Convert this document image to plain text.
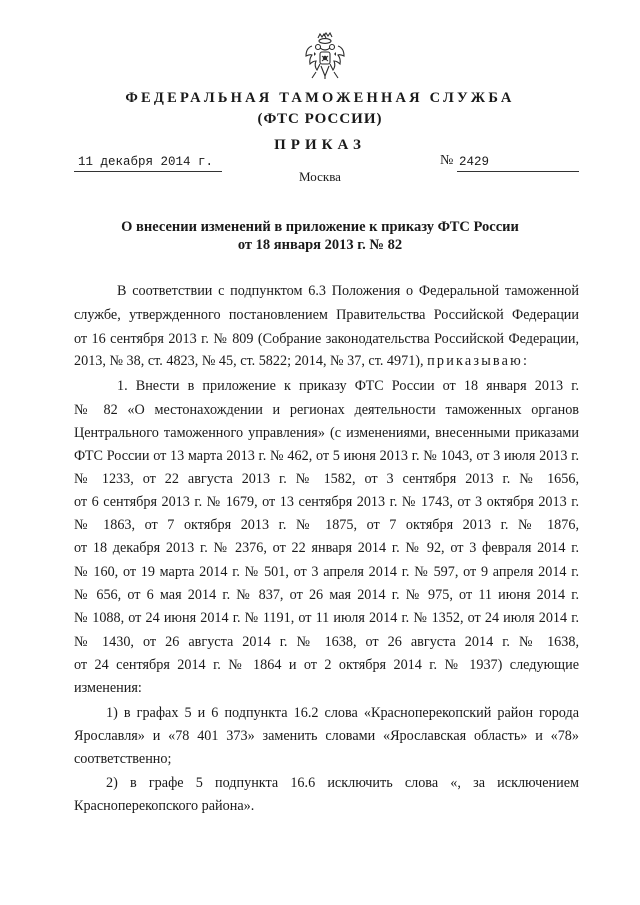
ФЕДЕРАЛЬНАЯ ТАМОЖЕННАЯ СЛУЖБА
(ФТС РОССИИ)
ПРИКАЗ
11 декабря 2014 г.	№ 2429
Москва
О внесении изменений в приложение к приказу ФТС России
от 18 января 2013 г. № 82
В соответствии с подпунктом 6.3 Положения о Федеральной таможенной
службе, утвержденного постановлением Правительства Российской Федерации
от 16 сентября 2013 г. № 809 (Собрание законодательства Российской Федерации,
2013, № 38, ст. 4823, № 45, ст. 5822; 2014, № 37, ст. 4971), приказываю:
1. Внести в приложение к приказу ФТС России от 18 января 2013 г.
№ 82 «О местонахождении и регионах деятельности таможенных органов
Центрального таможенного управления» (с изменениями, внесенными приказами
ФТС России от 13 марта 2013 г. № 462, от 5 июня 2013 г. № 1043, от 3 июля 2013 г.
№ 1233, от 22 августа 2013 г. № 1582, от 3 сентября 2013 г. № 1656,
от 6 сентября 2013 г. № 1679, от 13 сентября 2013 г. № 1743, от 3 октября 2013 г.
№ 1863, от 7 октября 2013 г. № 1875, от 7 октября 2013 г. № 1876,
от 18 декабря 2013 г. № 2376, от 22 января 2014 г. № 92, от 3 февраля 2014 г.
№ 160, от 19 марта 2014 г. № 501, от 3 апреля 2014 г. № 597, от 9 апреля 2014 г.
№ 656, от 6 мая 2014 г. № 837, от 26 мая 2014 г. № 975, от 11 июня 2014 г.
№ 1088, от 24 июня 2014 г. № 1191, от 11 июля 2014 г. № 1352, от 24 июля 2014 г.
№ 1430, от 26 августа 2014 г. № 1638, от 26 августа 2014 г. № 1638,
от 24 сентября 2014 г. № 1864 и от 2 октября 2014 г. № 1937) следующие
изменения:
1) в графах 5 и 6 подпункта 16.2 слова «Краснoперекопский район города
Ярославля» и «78 401 373» заменить словами «Ярославская область» и «78»
соответственно;
2) в графе 5 подпункта 16.6 исключить слова «, за исключением
Красноперекопского района».
